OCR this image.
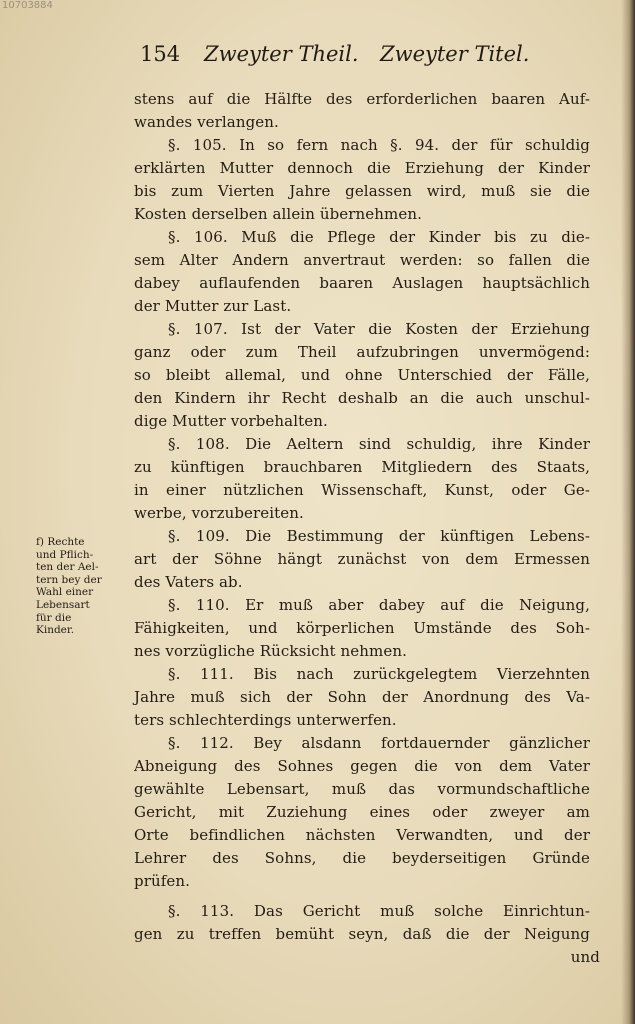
10703884
154 Zweyter Theil. Zweyter Titel.
stens auf die Hälfte des erforderlichen baaren Auf-
wandes verlangen.
§. 105. In so fern nach §. 94. der für schuldig
erklärten Mutter dennoch die Erziehung der Kinder
bis zum Vierten Jahre gelassen wird, muß sie die
Kosten derselben allein übernehmen.
§. 106. Muß die Pflege der Kinder bis zu die-
sem Alter Andern anvertraut werden: so fallen die
dabey auflaufenden baaren Auslagen hauptsächlich
der Mutter zur Last.
§. 107. Ist der Vater die Kosten der Erziehung
ganz oder zum Theil aufzubringen unvermögend:
so bleibt allemal, und ohne Unterschied der Fälle,
den Kindern ihr Recht deshalb an die auch unschul-
dige Mutter vorbehalten.
§. 108. Die Aeltern sind schuldig, ihre Kinder
zu künftigen brauchbaren Mitgliedern des Staats,
in einer nützlichen Wissenschaft, Kunst, oder Ge-
werbe, vorzubereiten.
§. 109. Die Bestimmung der künftigen Lebens-
art der Söhne hängt zunächst von dem Ermessen
des Vaters ab.
§. 110. Er muß aber dabey auf die Neigung,
Fähigkeiten, und körperlichen Umstände des Soh-
nes vorzügliche Rücksicht nehmen.
§. 111. Bis nach zurückgelegtem Vierzehnten
Jahre muß sich der Sohn der Anordnung des Va-
ters schlechterdings unterwerfen.
§. 112. Bey alsdann fortdauernder gänzlicher
Abneigung des Sohnes gegen die von dem Vater
gewählte Lebensart, muß das vormundschaftliche
Gericht, mit Zuziehung eines oder zweyer am
Orte befindlichen nächsten Verwandten, und der
Lehrer des Sohns, die beyderseitigen Gründe
prüfen.
§. 113. Das Gericht muß solche Einrichtun-
gen zu treffen bemüht seyn, daß die der Neigung
und
f) Rechte
und Pflich-
ten der Ael-
tern bey der
Wahl einer
Lebensart
für die
Kinder.
